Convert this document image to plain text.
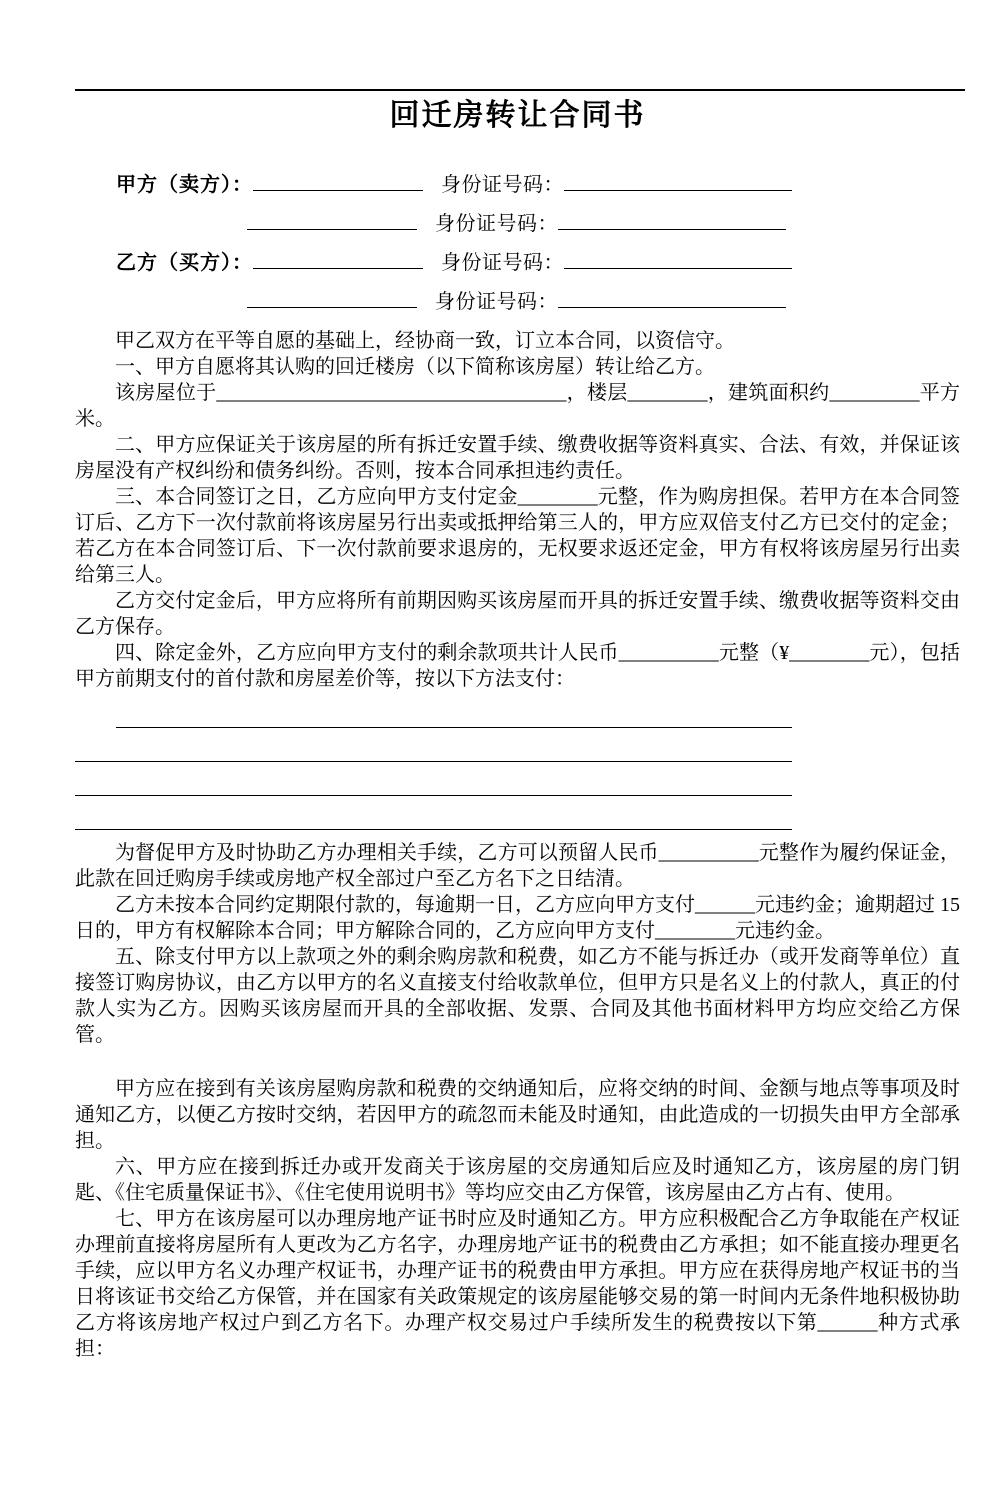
回迁房转让合同书
甲方（卖方）：	身份证号码：
身份证号码：
乙方（买方）：	身份证号码：
身份证号码：

甲乙双方在平等自愿的基础上，经协商一致，订立本合同，以资信守。

一、甲方自愿将其认购的回迁楼房（以下简称该房屋）转让给乙方。

该房屋位于___________________________________，楼层________，建筑面积约_________平方米。

二、甲方应保证关于该房屋的所有拆迁安置手续、缴费收据等资料真实、合法、有效，并保证该房屋没有产权纠纷和债务纠纷。否则，按本合同承担违约责任。

三、本合同签订之日，乙方应向甲方支付定金________元整，作为购房担保。若甲方在本合同签订后、乙方下一次付款前将该房屋另行出卖或抵押给第三人的，甲方应双倍支付乙方已交付的定金；若乙方在本合同签订后、下一次付款前要求退房的，无权要求返还定金，甲方有权将该房屋另行出卖给第三人。

乙方交付定金后，甲方应将所有前期因购买该房屋而开具的拆迁安置手续、缴费收据等资料交由乙方保存。

四、除定金外，乙方应向甲方支付的剩余款项共计人民币__________元整（¥________元），包括甲方前期支付的首付款和房屋差价等，按以下方法支付：

为督促甲方及时协助乙方办理相关手续，乙方可以预留人民币__________元整作为履约保证金，此款在回迁购房手续或房地产权全部过户至乙方名下之日结清。

乙方未按本合同约定期限付款的，每逾期一日，乙方应向甲方支付______元违约金；逾期超过 15 日的，甲方有权解除本合同；甲方解除合同的，乙方应向甲方支付________元违约金。

五、除支付甲方以上款项之外的剩余购房款和税费，如乙方不能与拆迁办（或开发商等单位）直接签订购房协议，由乙方以甲方的名义直接支付给收款单位，但甲方只是名义上的付款人，真正的付款人实为乙方。因购买该房屋而开具的全部收据、发票、合同及其他书面材料甲方均应交给乙方保管。

甲方应在接到有关该房屋购房款和税费的交纳通知后，应将交纳的时间、金额与地点等事项及时通知乙方，以便乙方按时交纳，若因甲方的疏忽而未能及时通知，由此造成的一切损失由甲方全部承担。

六、甲方应在接到拆迁办或开发商关于该房屋的交房通知后应及时通知乙方，该房屋的房门钥匙、《住宅质量保证书》、《住宅使用说明书》等均应交由乙方保管，该房屋由乙方占有、使用。

七、甲方在该房屋可以办理房地产证书时应及时通知乙方。甲方应积极配合乙方争取能在产权证办理前直接将房屋所有人更改为乙方名字，办理房地产证书的税费由乙方承担；如不能直接办理更名手续，应以甲方名义办理产权证书，办理产证书的税费由甲方承担。甲方应在获得房地产权证书的当日将该证书交给乙方保管，并在国家有关政策规定的该房屋能够交易的第一时间内无条件地积极协助乙方将该房地产权过户到乙方名下。办理产权交易过户手续所发生的税费按以下第______种方式承担：
